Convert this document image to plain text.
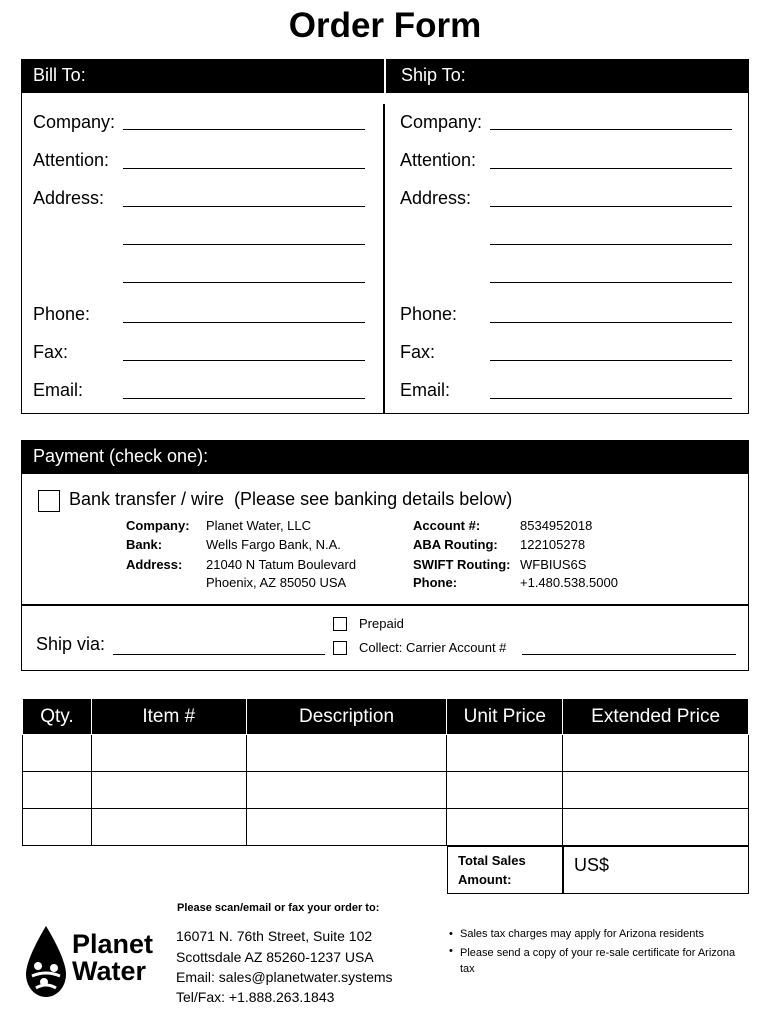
Order Form
Bill To:	Ship To:
Company:
Attention:
Address:
Phone:
Fax:
Email:
Company:
Attention:
Address:
Phone:
Fax:
Email:
Payment (check one):
Bank transfer / wire  (Please see banking details below)
Company: Planet Water, LLC
Bank:	Wells Fargo Bank, N.A.
Address: 21040 N Tatum Boulevard
Phoenix, AZ 85050 USA
Account #:	8534952018
ABA Routing: 122105278
SWIFT Routing: WFBIUS6S
Phone:	+1.480.538.5000
Ship via:
Prepaid
Collect: Carrier Account #
Qty.	Item #	Description	Unit Price	Extended Price

Total Sales
Amount:
US$
Please scan/email or fax your order to:
Planet
Water
16071 N. 76th Street, Suite 102
Scottsdale AZ 85260-1237 USA
Email: sales@planetwater.systems
Tel/Fax: +1.888.263.1843
• Sales tax charges may apply for Arizona residents
• Please send a copy of your re-sale certificate for Arizona tax
